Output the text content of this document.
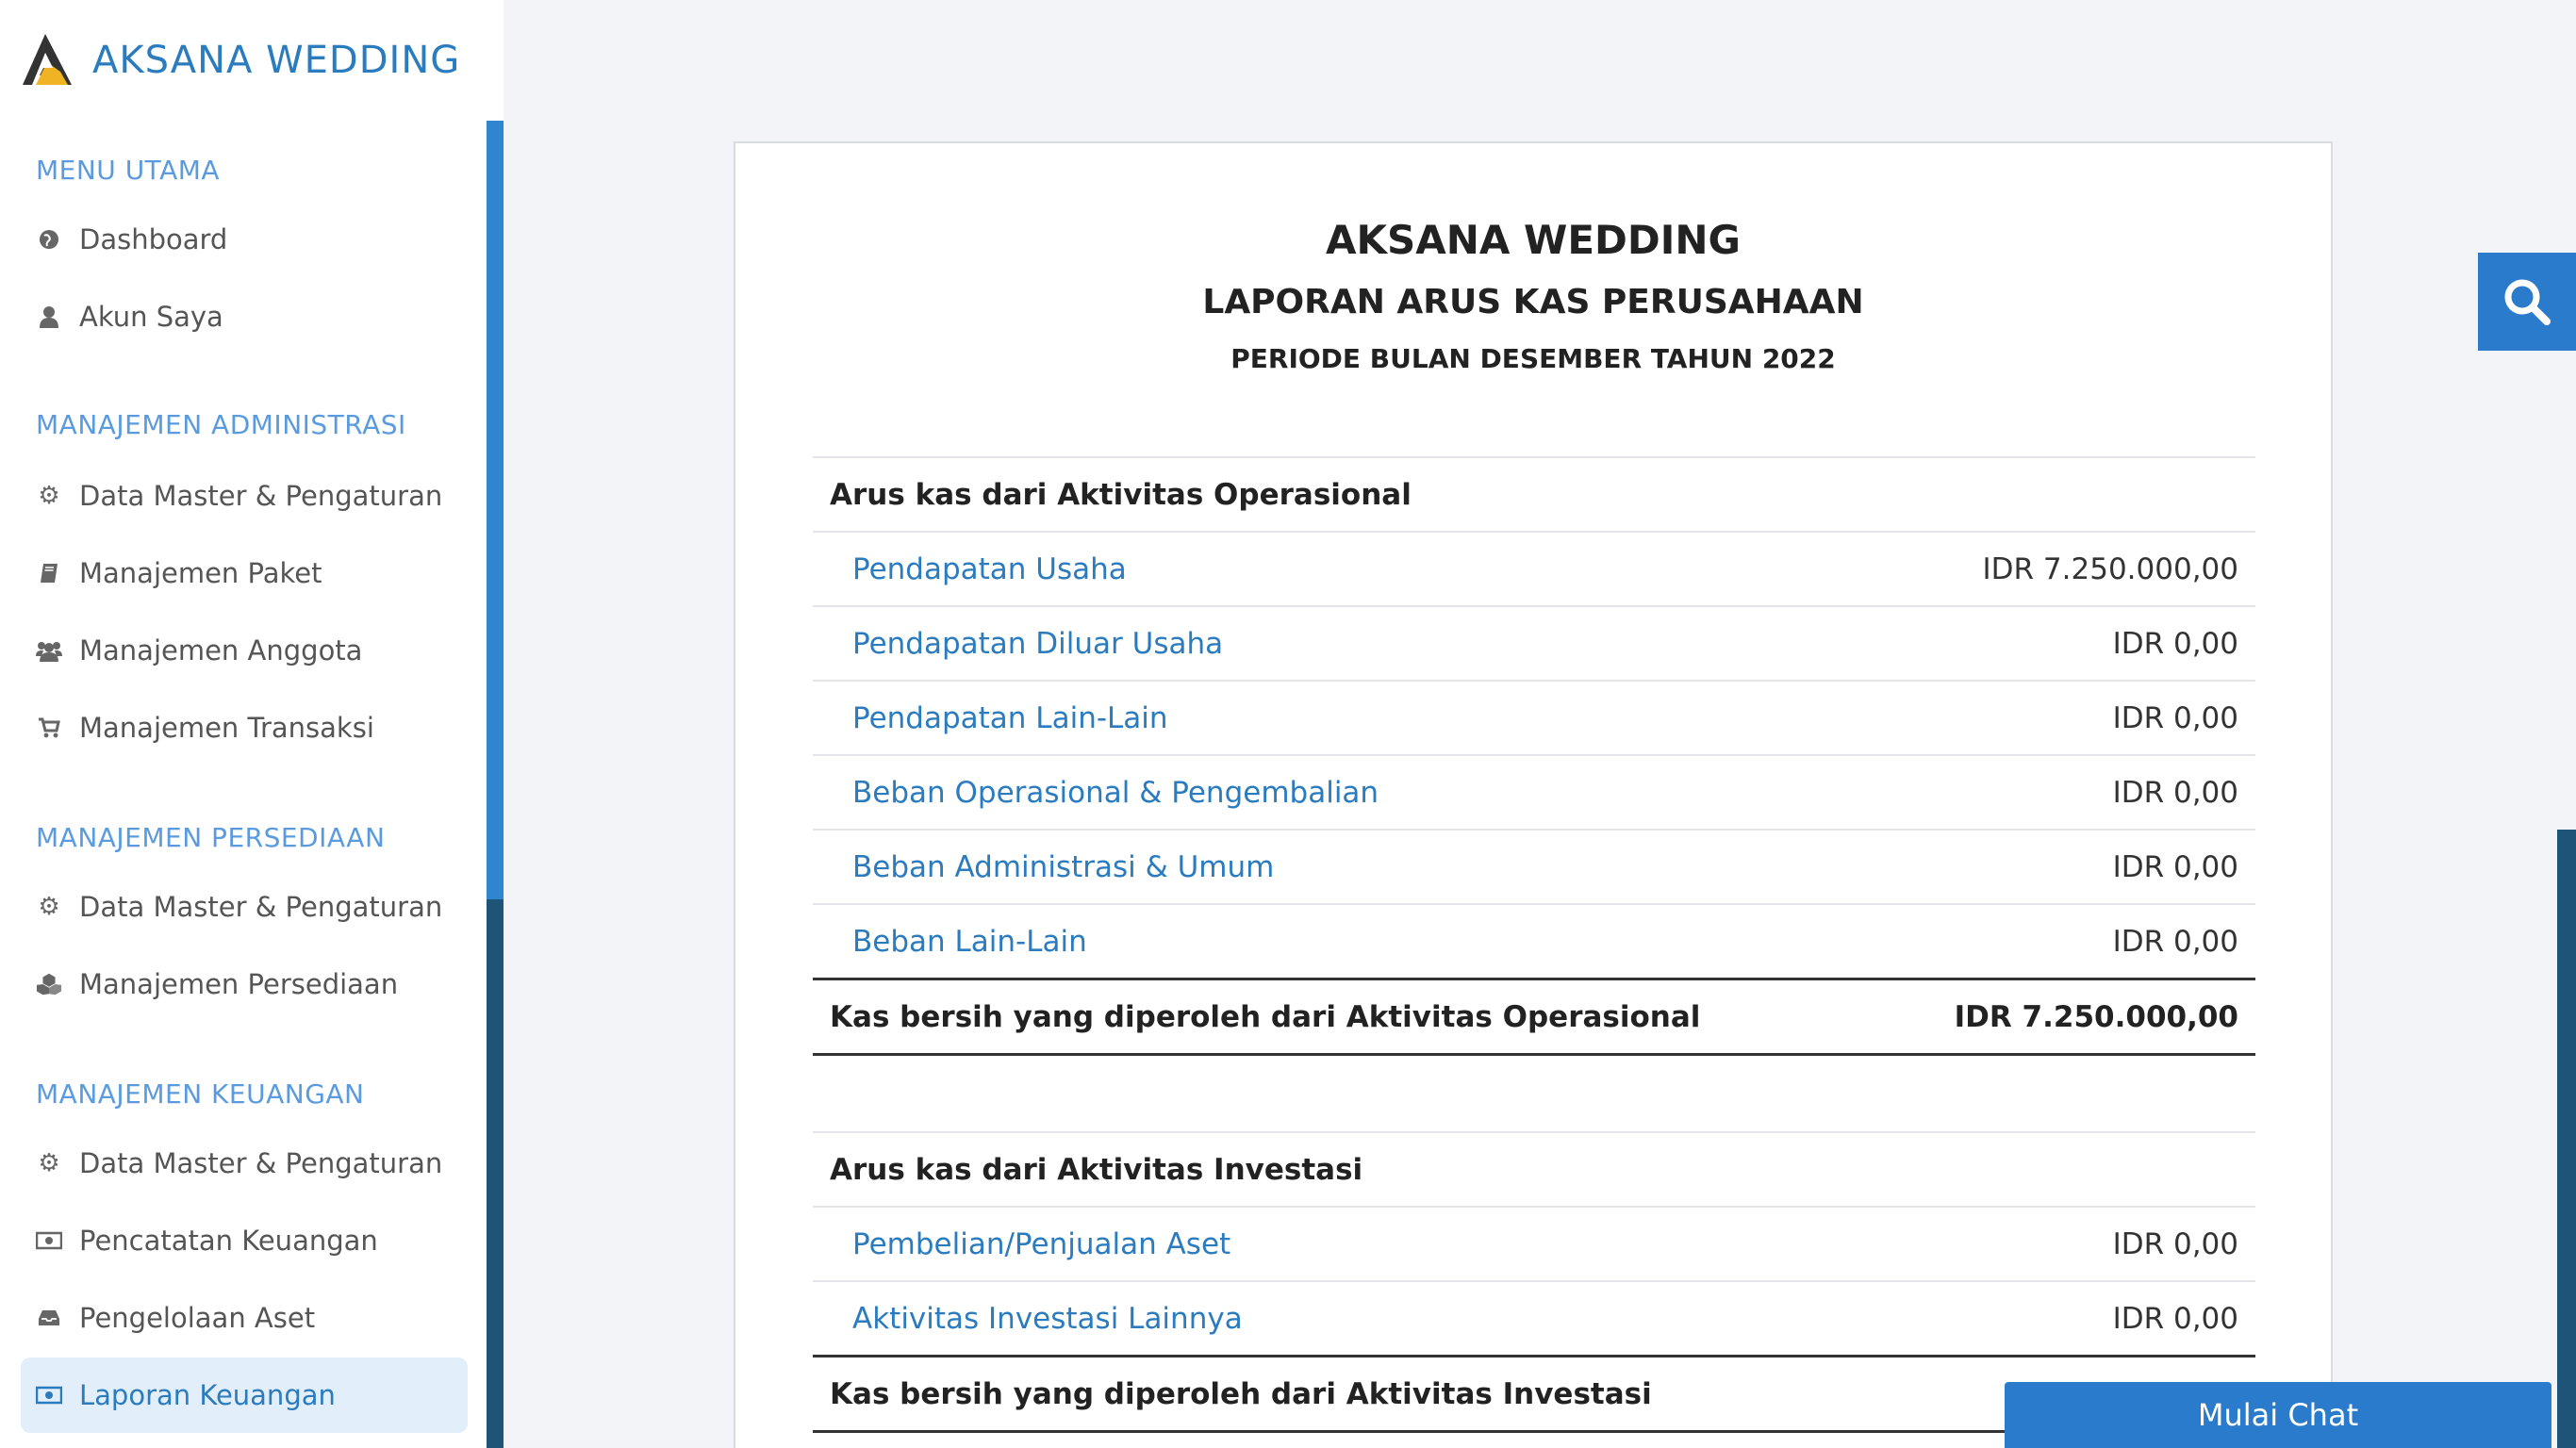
AKSANA WEDDING
MENU UTAMA
Dashboard
Akun Saya
MANAJEMEN ADMINISTRASI
⚙ Data Master & Pengaturan
Manajemen Paket
Manajemen Anggota
Manajemen Transaksi
MANAJEMEN PERSEDIAAN
⚙ Data Master & Pengaturan
Manajemen Persediaan
MANAJEMEN KEUANGAN
⚙ Data Master & Pengaturan
Pencatatan Keuangan
Pengelolaan Aset
Laporan Keuangan
AKSANA WEDDING
LAPORAN ARUS KAS PERUSAHAAN
PERIODE BULAN DESEMBER TAHUN 2022
Arus kas dari Aktivitas Operasional
Pendapatan Usaha	IDR 7.250.000,00
Pendapatan Diluar Usaha	IDR 0,00
Pendapatan Lain-Lain	IDR 0,00
Beban Operasional & Pengembalian	IDR 0,00
Beban Administrasi & Umum	IDR 0,00
Beban Lain-Lain	IDR 0,00
Kas bersih yang diperoleh dari Aktivitas Operasional	IDR 7.250.000,00
Arus kas dari Aktivitas Investasi
Pembelian/Penjualan Aset	IDR 0,00
Aktivitas Investasi Lainnya	IDR 0,00
Kas bersih yang diperoleh dari Aktivitas Investasi
Mulai Chat
